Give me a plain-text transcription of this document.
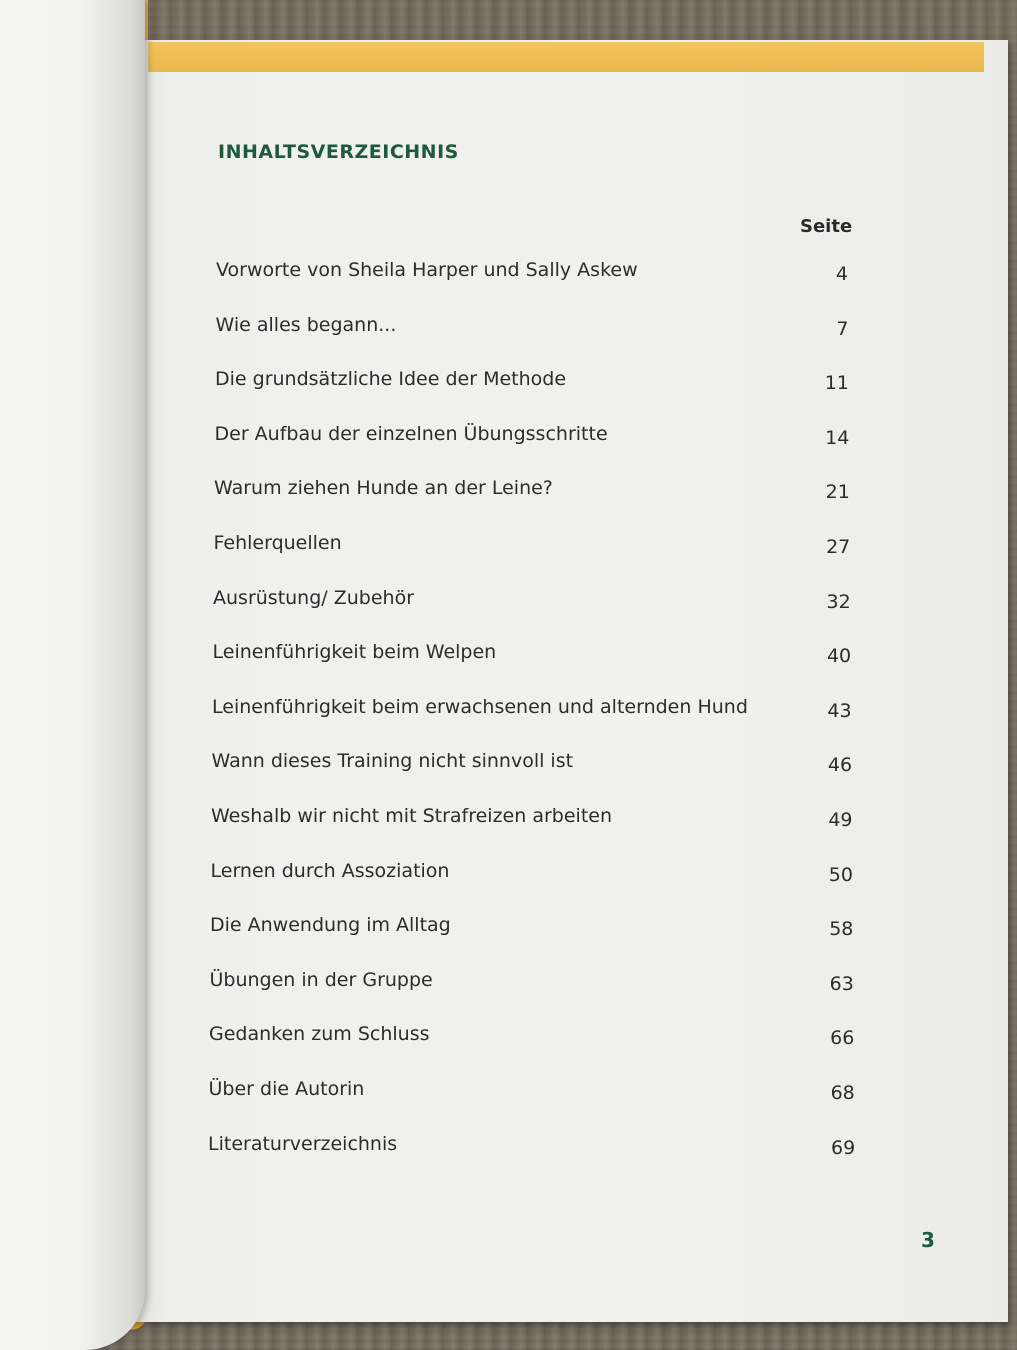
INHALTSVERZEICHNIS
Seite
Vorworte von Sheila Harper und Sally Askew	4
Wie alles begann...	7
Die grundsätzliche Idee der Methode	11
Der Aufbau der einzelnen Übungsschritte	14
Warum ziehen Hunde an der Leine?	21
Fehlerquellen	27
Ausrüstung/ Zubehör	32
Leinenführigkeit beim Welpen	40
Leinenführigkeit beim erwachsenen und alternden Hund	43
Wann dieses Training nicht sinnvoll ist	46
Weshalb wir nicht mit Strafreizen arbeiten	49
Lernen durch Assoziation	50
Die Anwendung im Alltag	58
Übungen in der Gruppe	63
Gedanken zum Schluss	66
Über die Autorin	68
Literaturverzeichnis	69
3
